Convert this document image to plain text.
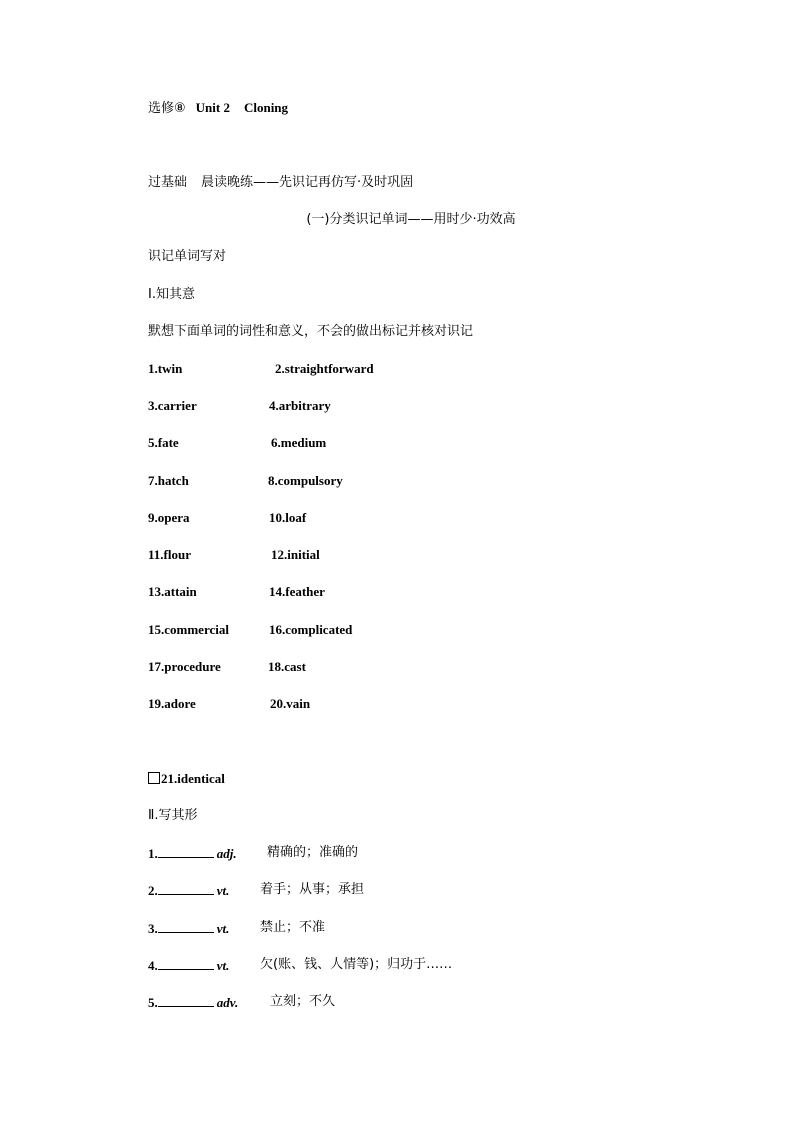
选修⑧ Unit 2 Cloning
过基础 晨读晚练——先识记再仿写·及时巩固
(一)分类识记单词——用时少·功效高
识记单词写对
Ⅰ.知其意
默想下面单词的词性和意义，不会的做出标记并核对识记
1.twin	2.straightforward
3.carrier	4.arbitrary
5.fate	6.medium
7.hatch	8.compulsory
9.opera	10.loaf
11.flour	12.initial
13.attain	14.feather
15.commercial	16.complicated
17.procedure	18.cast
19.adore	20.vain
21.identical
Ⅱ.写其形
1.	adj. 精确的；准确的
2.	vt. 着手；从事；承担
3.	vt. 禁止；不准
4.	vt. 欠(账、钱、人情等)；归功于……
5.	adv. 立刻；不久
